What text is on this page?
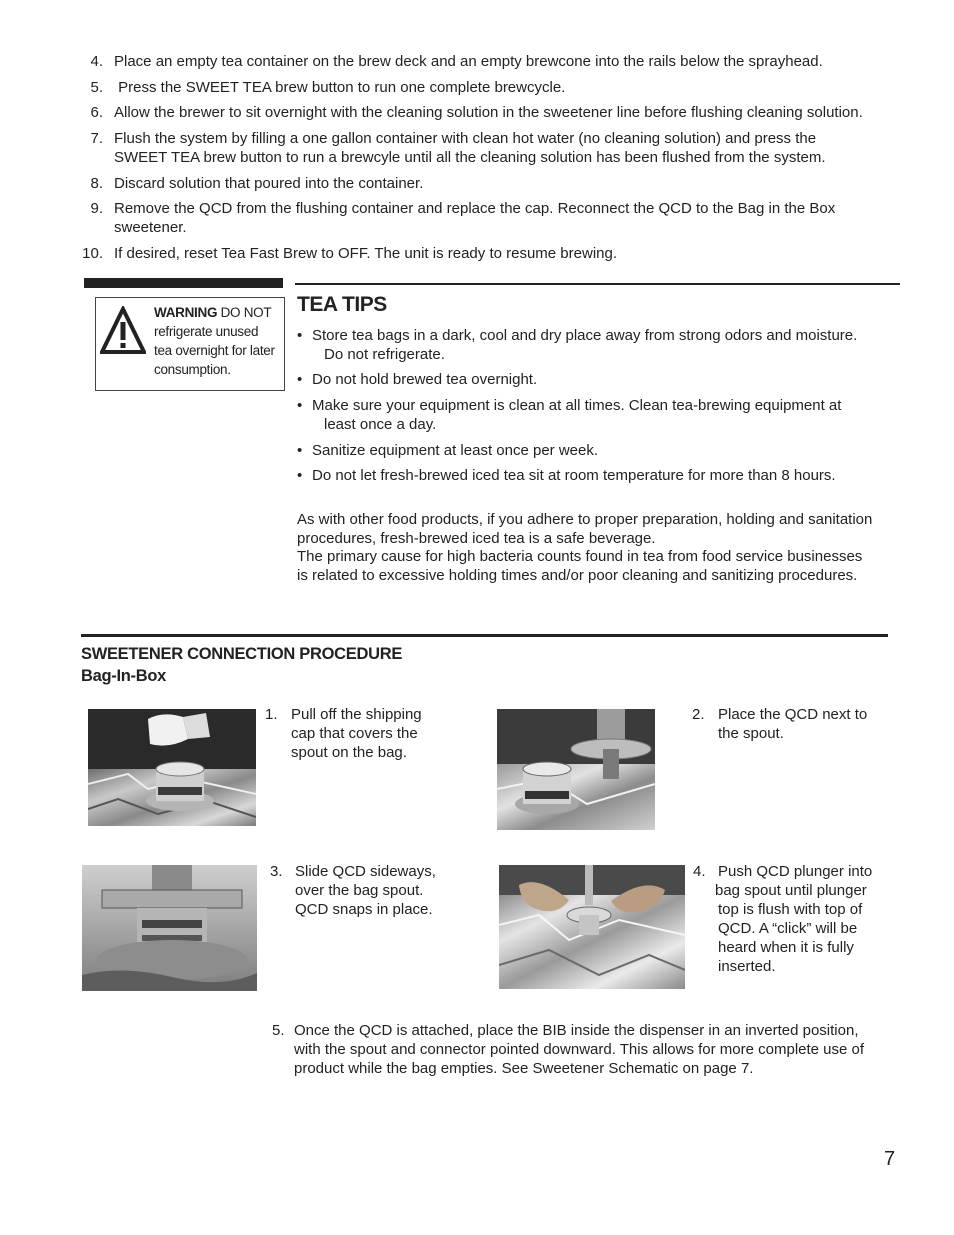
4. Place an empty tea container on the brew deck and an empty brewcone into the rails below the sprayhead.
5. Press the SWEET TEA brew button to run one complete brewcycle.
6. Allow the brewer to sit overnight with the cleaning solution in the sweetener line before flushing cleaning solution.
7. Flush the system by filling a one gallon container with clean hot water (no cleaning solution) and press the
SWEET TEA brew button to run a brewcyle until all the cleaning solution has been flushed from the system.
8. Discard solution that poured into the container.
9. Remove the QCD from the flushing container and replace the cap. Reconnect the QCD to the Bag in the Box
sweetener.
10. If desired, reset Tea Fast Brew to OFF. The unit is ready to resume brewing.
WARNING DO NOT
refrigerate unused
tea overnight for later
consumption.
TEA TIPS
• Store tea bags in a dark, cool and dry place away from strong odors and moisture.
Do not refrigerate.
• Do not hold brewed tea overnight.
• Make sure your equipment is clean at all times. Clean tea-brewing equipment at
least once a day.
• Sanitize equipment at least once per week.
• Do not let fresh-brewed iced tea sit at room temperature for more than 8 hours.
As with other food products, if you adhere to proper preparation, holding and sanitation
procedures, fresh-brewed iced tea is a safe beverage.
The primary cause for high bacteria counts found in tea from food service businesses
is related to excessive holding times and/or poor cleaning and sanitizing procedures.
SWEETENER CONNECTION PROCEDURE
Bag-In-Box
1. Pull off the shipping
cap that covers the
spout on the bag.
2. Place the QCD next to
the spout.
3. Slide QCD sideways,
over the bag spout.
QCD snaps in place.
4. Push QCD plunger into
bag spout until plunger
top is flush with top of
QCD. A “click” will be
heard when it is fully
inserted.
5. Once the QCD is attached, place the BIB inside the dispenser in an inverted position,
with the spout and connector pointed downward. This allows for more complete use of
product while the bag empties. See Sweetener Schematic on page 7.
7
